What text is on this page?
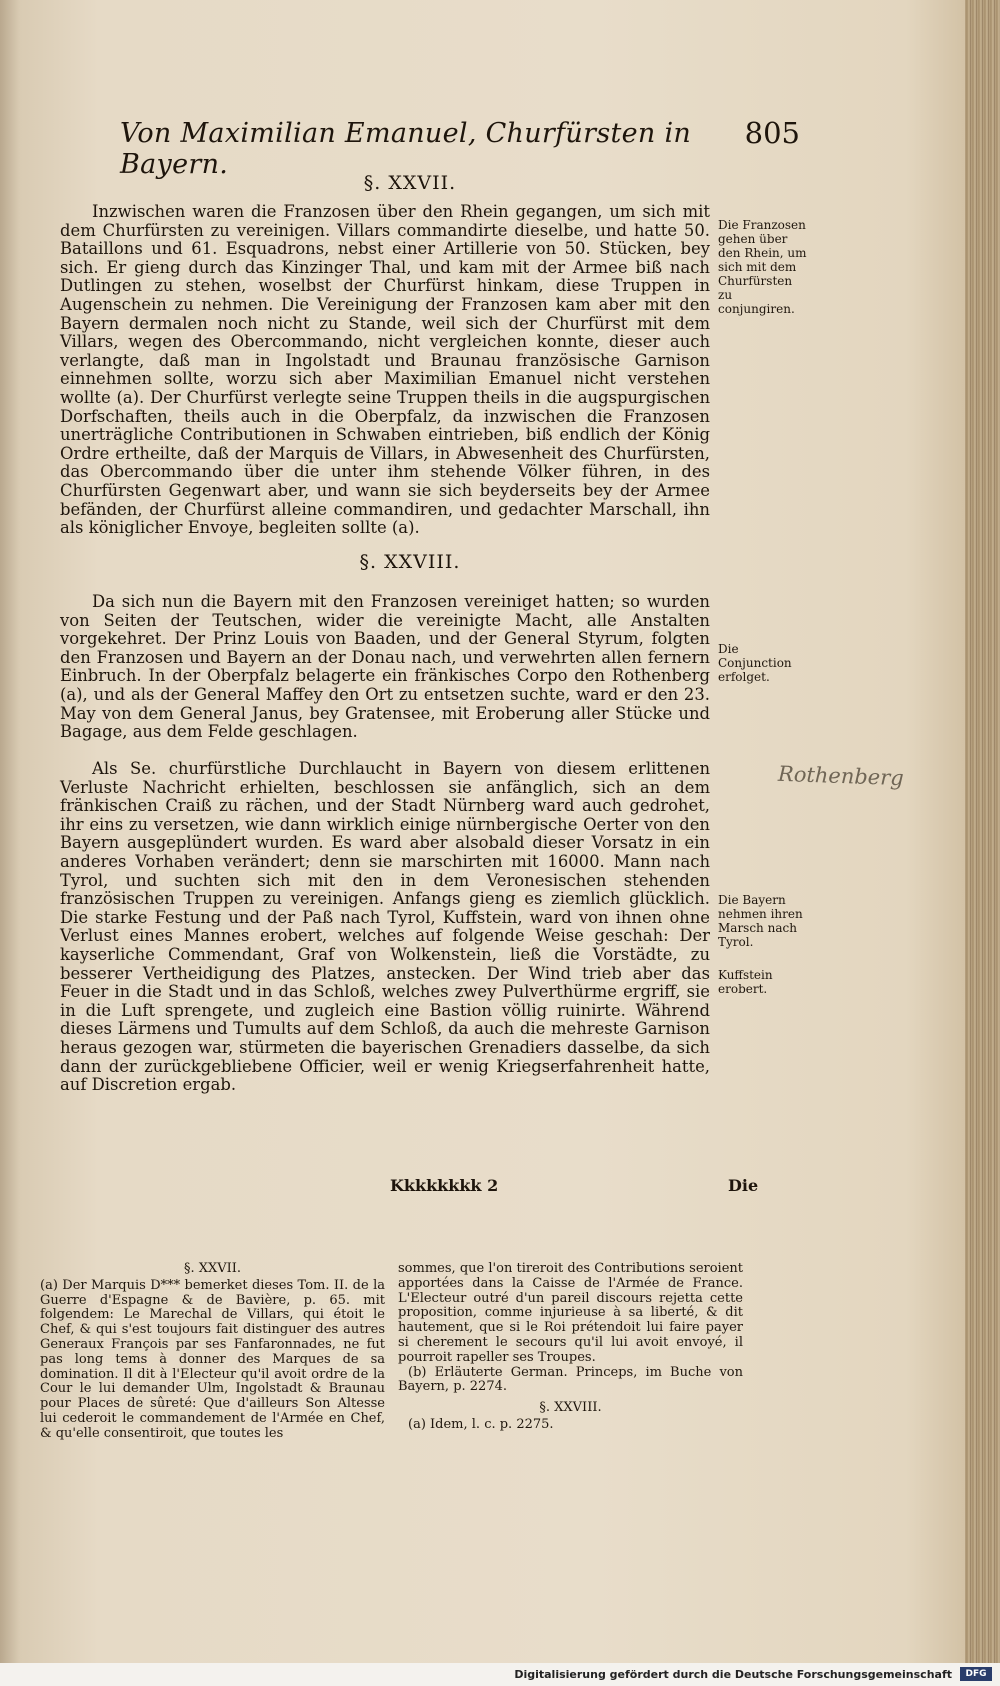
Von Maximilian Emanuel, Churfürsten in Bayern.
805
§. XXVII.

Inzwischen waren die Franzosen über den Rhein gegangen, um sich mit dem Churfürsten zu vereinigen. Villars commandirte dieselbe, und hatte 50. Bataillons und 61. Esquadrons, nebst einer Artillerie von 50. Stücken, bey sich. Er gieng durch das Kinzinger Thal, und kam mit der Armee biß nach Dutlingen zu stehen, woselbst der Churfürst hinkam, diese Truppen in Augenschein zu nehmen. Die Vereinigung der Franzosen kam aber mit den Bayern dermalen noch nicht zu Stande, weil sich der Churfürst mit dem Villars, wegen des Obercommando, nicht vergleichen konnte, dieser auch verlangte, daß man in Ingolstadt und Braunau französische Garnison einnehmen sollte, worzu sich aber Maximilian Emanuel nicht verstehen wollte (a). Der Churfürst verlegte seine Truppen theils in die augspurgischen Dorfschaften, theils auch in die Oberpfalz, da inzwischen die Franzosen unerträgliche Contributionen in Schwaben eintrieben, biß endlich der König Ordre ertheilte, daß der Marquis de Villars, in Abwesenheit des Churfürsten, das Obercommando über die unter ihm stehende Völker führen, in des Churfürsten Gegenwart aber, und wann sie sich beyderseits bey der Armee befänden, der Churfürst alleine commandiren, und gedachter Marschall, ihn als königlicher Envoye, begleiten sollte (a).

§. XXVIII.

Da sich nun die Bayern mit den Franzosen vereiniget hatten; so wurden von Seiten der Teutschen, wider die vereinigte Macht, alle Anstalten vorgekehret. Der Prinz Louis von Baaden, und der General Styrum, folgten den Franzosen und Bayern an der Donau nach, und verwehrten allen fernern Einbruch. In der Oberpfalz belagerte ein fränkisches Corpo den Rothenberg (a), und als der General Maffey den Ort zu entsetzen suchte, ward er den 23. May von dem General Janus, bey Gratensee, mit Eroberung aller Stücke und Bagage, aus dem Felde geschlagen.

Als Se. churfürstliche Durchlaucht in Bayern von diesem erlittenen Verluste Nachricht erhielten, beschlossen sie anfänglich, sich an dem fränkischen Craiß zu rächen, und der Stadt Nürnberg ward auch gedrohet, ihr eins zu versetzen, wie dann wirklich einige nürnbergische Oerter von den Bayern ausgeplündert wurden. Es ward aber alsobald dieser Vorsatz in ein anderes Vorhaben verändert; denn sie marschirten mit 16000. Mann nach Tyrol, und suchten sich mit den in dem Veronesischen stehenden französischen Truppen zu vereinigen. Anfangs gieng es ziemlich glücklich. Die starke Festung und der Paß nach Tyrol, Kuffstein, ward von ihnen ohne Verlust eines Mannes erobert, welches auf folgende Weise geschah: Der kayserliche Commendant, Graf von Wolkenstein, ließ die Vorstädte, zu besserer Vertheidigung des Platzes, anstecken. Der Wind trieb aber das Feuer in die Stadt und in das Schloß, welches zwey Pulverthürme ergriff, sie in die Luft sprengete, und zugleich eine Bastion völlig ruinirte. Während dieses Lärmens und Tumults auf dem Schloß, da auch die mehreste Garnison heraus gezogen war, stürmeten die bayerischen Grenadiers dasselbe, da sich dann der zurückgebliebene Officier, weil er wenig Kriegserfahrenheit hatte, auf Discretion ergab.

Die Franzosen gehen über den Rhein, um sich mit dem Churfürsten zu conjungiren.
Die Conjunction erfolget.
Die Bayern nehmen ihren Marsch nach Tyrol.
Kuffstein erobert.
Rothenberg
Kkkkkkkk 2	Die

§. XXVII.

(a) Der Marquis D*** bemerket dieses Tom. II. de la Guerre d'Espagne & de Bavière, p. 65. mit folgendem: Le Marechal de Villars, qui étoit le Chef, & qui s'est toujours fait distinguer des autres Generaux François par ses Fanfaronnades, ne fut pas long tems à donner des Marques de sa domination. Il dit à l'Electeur qu'il avoit ordre de la Cour le lui demander Ulm, Ingolstadt & Braunau pour Places de sûreté: Que d'ailleurs Son Altesse lui cederoit le commandement de l'Armée en Chef, & qu'elle consentiroit, que toutes les

sommes, que l'on tireroit des Contributions seroient apportées dans la Caisse de l'Armée de France. L'Electeur outré d'un pareil discours rejetta cette proposition, comme injurieuse à sa liberté, & dit hautement, que si le Roi prétendoit lui faire payer si cherement le secours qu'il lui avoit envoyé, il pourroit rapeller ses Troupes.

(b) Erläuterte German. Princeps, im Buche von Bayern, p. 2274.

§. XXVIII.

(a) Idem, l. c. p. 2275.

Digitalisierung gefördert durch die Deutsche Forschungsgemeinschaft	DFG
